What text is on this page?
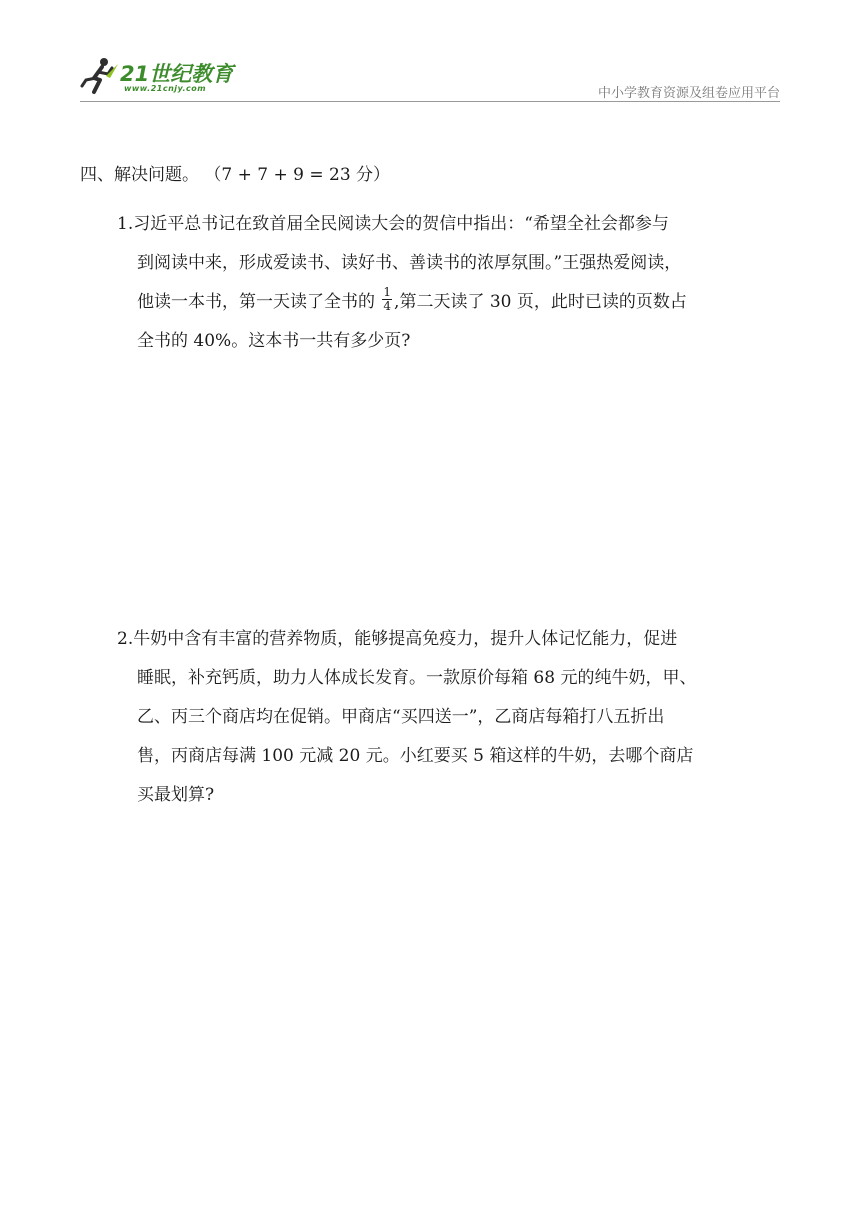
21世纪教育
www.21cnjy.com	中小学教育资源及组卷应用平台
四、解决问题。 （7 + 7 + 9 = 23 分）
1.习近平总书记在致首届全民阅读大会的贺信中指出：“希望全社会都参与
到阅读中来，形成爱读书、读好书、善读书的浓厚氛围。”王强热爱阅读，
他读一本书，第一天读了全书的 $\frac{1}{4}$ ,第二天读了 30 页，此时已读的页数占
全书的 40%。这本书一共有多少页?
2.牛奶中含有丰富的营养物质，能够提高免疫力，提升人体记忆能力，促进
睡眠，补充钙质，助力人体成长发育。一款原价每箱 68 元的纯牛奶，甲、
乙、丙三个商店均在促销。甲商店“买四送一”，乙商店每箱打八五折出
售，丙商店每满 100 元减 20 元。小红要买 5 箱这样的牛奶，去哪个商店
买最划算?
